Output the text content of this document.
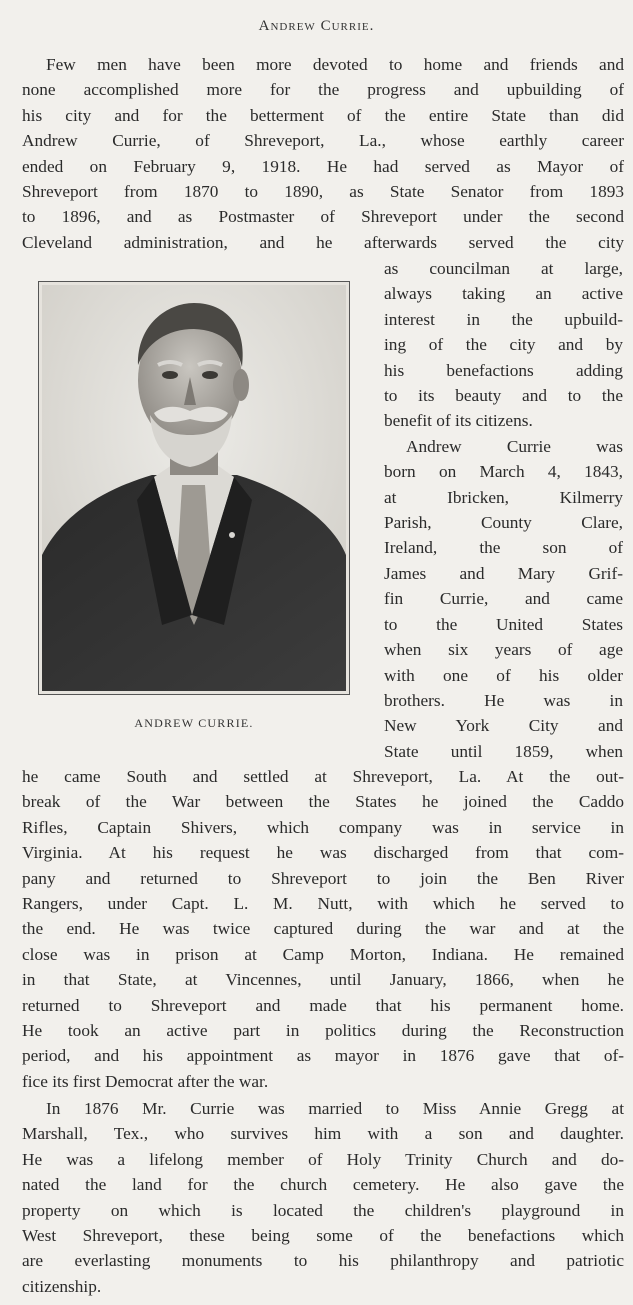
Andrew Currie.
Few men have been more devoted to home and friends and
none accomplished more for the progress and upbuilding of
his city and for the betterment of the entire State than did
Andrew Currie, of Shreveport, La., whose earthly career
ended on February 9, 1918. He had served as Mayor of
Shreveport from 1870 to 1890, as State Senator from 1893
to 1896, and as Postmaster of Shreveport under the second
Cleveland administration, and he afterwards served the city
as councilman at large,
always taking an active
interest in the upbuild-
ing of the city and by
his benefactions adding
to its beauty and to the
benefit of its citizens.
Andrew Currie was
born on March 4, 1843,
at Ibricken, Kilmerry
Parish, County Clare,
Ireland, the son of
James and Mary Grif-
fin Currie, and came
to the United States
when six years of age
with one of his older
brothers. He was in
New York City and
State until 1859, when
ANDREW CURRIE.
he came South and settled at Shreveport, La. At the out-
break of the War between the States he joined the Caddo
Rifles, Captain Shivers, which company was in service in
Virginia. At his request he was discharged from that com-
pany and returned to Shreveport to join the Ben River
Rangers, under Capt. L. M. Nutt, with which he served to
the end. He was twice captured during the war and at the
close was in prison at Camp Morton, Indiana. He remained
in that State, at Vincennes, until January, 1866, when he
returned to Shreveport and made that his permanent home.
He took an active part in politics during the Reconstruction
period, and his appointment as mayor in 1876 gave that of-
fice its first Democrat after the war.
In 1876 Mr. Currie was married to Miss Annie Gregg at
Marshall, Tex., who survives him with a son and daughter.
He was a lifelong member of Holy Trinity Church and do-
nated the land for the church cemetery. He also gave the
property on which is located the children's playground in
West Shreveport, these being some of the benefactions which
are everlasting monuments to his philanthropy and patriotic
citizenship.
